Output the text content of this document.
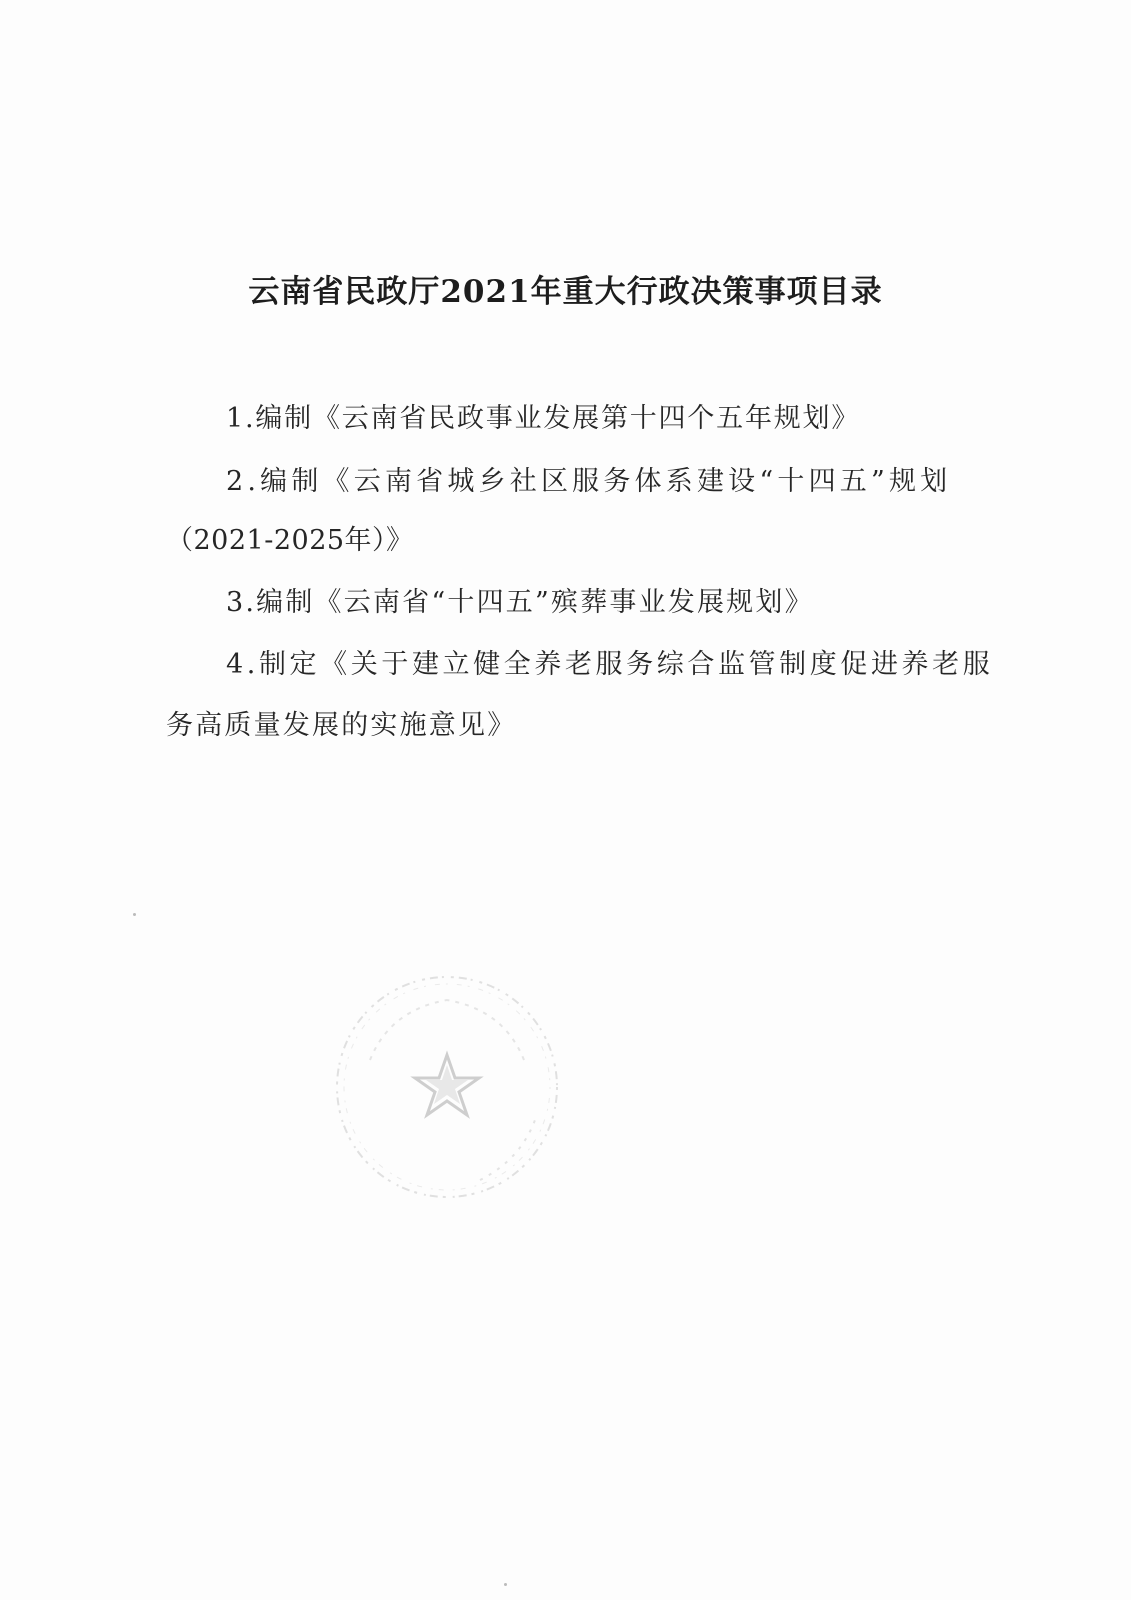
云南省民政厅2021年重大行政决策事项目录
1.编制《云南省民政事业发展第十四个五年规划》
2.编制《云南省城乡社区服务体系建设“十四五”规划
（2021-2025年）》
3.编制《云南省“十四五”殡葬事业发展规划》
4.制定《关于建立健全养老服务综合监管制度促进养老服
务高质量发展的实施意见》
